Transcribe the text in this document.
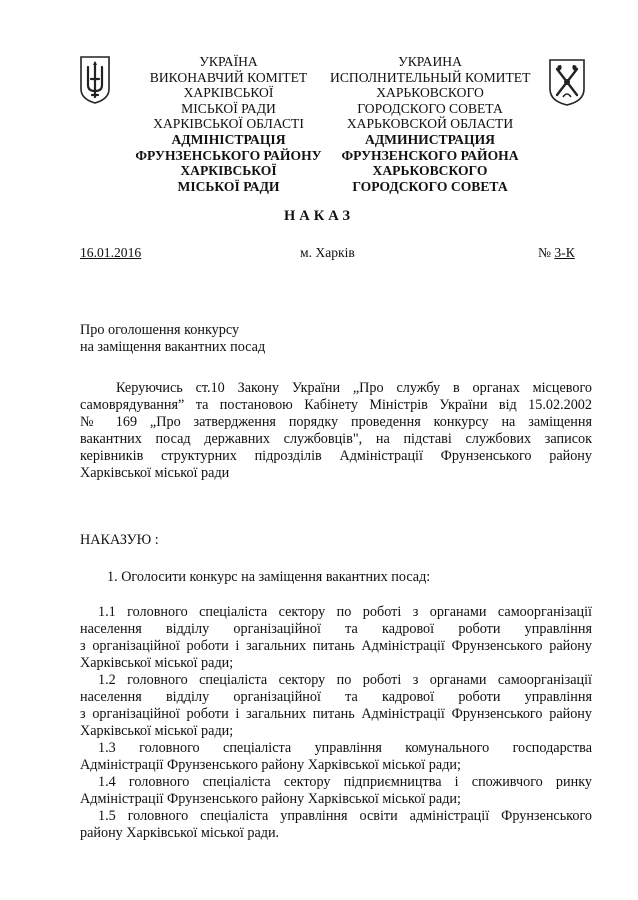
УКРАЇНА
ВИКОНАВЧИЙ КОМІТЕТ
ХАРКІВСЬКОЇ
МІСЬКОЇ РАДИ
ХАРКІВСЬКОЇ ОБЛАСТІ
АДМІНІСТРАЦІЯ
ФРУНЗЕНСЬКОГО РАЙОНУ
ХАРКІВСЬКОЇ
МІСЬКОЇ РАДИ
УКРАИНА
ИСПОЛНИТЕЛЬНЫЙ КОМИТЕТ
ХАРЬКОВСКОГО
ГОРОДСКОГО СОВЕТА
ХАРЬКОВСКОЙ ОБЛАСТИ
АДМИНИСТРАЦИЯ
ФРУНЗЕНСКОГО РАЙОНА
ХАРЬКОВСКОГО
ГОРОДСКОГО СОВЕТА
НАКАЗ
16.01.2016	м. Харків	№ 3-К
Про оголошення конкурсу
на заміщення вакантних посад
Керуючись ст.10 Закону України „Про службу в органах місцевого
самоврядування” та постановою Кабінету Міністрів України від 15.02.2002
№ 169 „Про затвердження порядку проведення конкурсу на заміщення
вакантних посад державних службовців", на підставі службових записок
керівників структурних підрозділів Адміністрації Фрунзенського району
Харківської міської ради
НАКАЗУЮ :
1. Оголосити конкурс на заміщення вакантних посад:
1.1 головного спеціаліста сектору по роботі з органами самоорганізації
населення відділу організаційної та кадрової роботи управління
з організаційної роботи і загальних питань Адміністрації Фрунзенського району
Харківської міської ради;
1.2 головного спеціаліста сектору по роботі з органами самоорганізації
населення відділу організаційної та кадрової роботи управління
з організаційної роботи і загальних питань Адміністрації Фрунзенського району
Харківської міської ради;
1.3 головного спеціаліста управління комунального господарства
Адміністрації Фрунзенського району Харківської міської ради;
1.4 головного спеціаліста сектору підприємництва і споживчого ринку
Адміністрації Фрунзенського району Харківської міської ради;
1.5 головного спеціаліста управління освіти адміністрації Фрунзенського
району Харківської міської ради.
